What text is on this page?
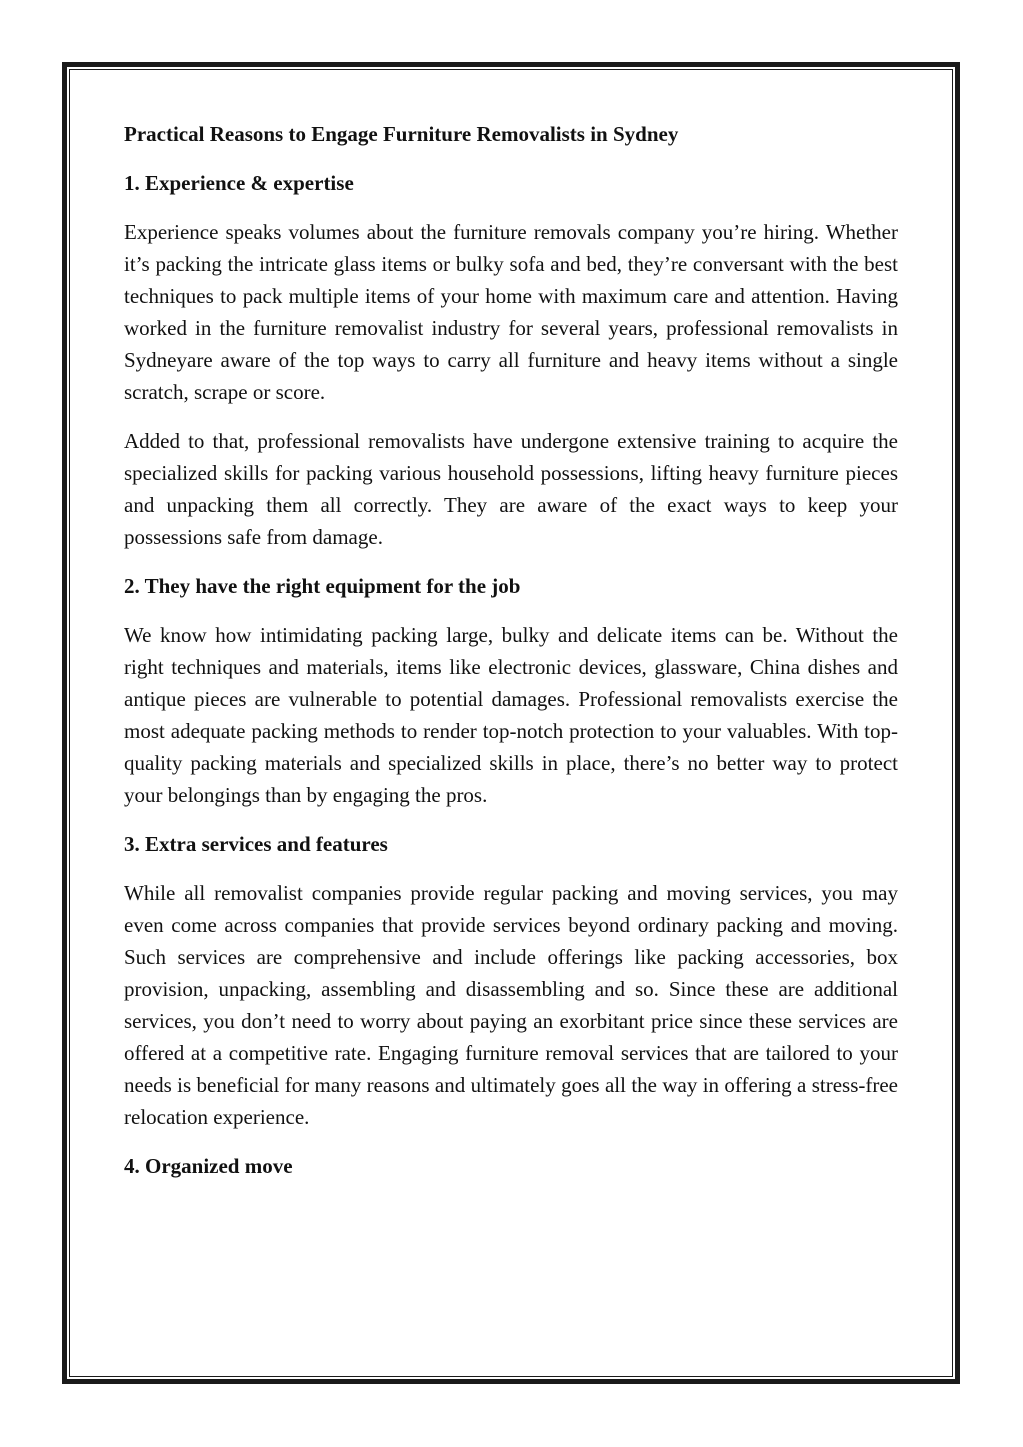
Practical Reasons to Engage Furniture Removalists in Sydney
1. Experience & expertise

Experience speaks volumes about the furniture removals company you’re hiring. Whether it’s packing the intricate glass items or bulky sofa and bed, they’re conversant with the best techniques to pack multiple items of your home with maximum care and attention. Having worked in the furniture removalist industry for several years, professional removalists in Sydneyare aware of the top ways to carry all furniture and heavy items without a single scratch, scrape or score.

Added to that, professional removalists have undergone extensive training to acquire the specialized skills for packing various household possessions, lifting heavy furniture pieces and unpacking them all correctly. They are aware of the exact ways to keep your possessions safe from damage.

2. They have the right equipment for the job

We know how intimidating packing large, bulky and delicate items can be. Without the right techniques and materials, items like electronic devices, glassware, China dishes and antique pieces are vulnerable to potential damages. Professional removalists exercise the most adequate packing methods to render top-notch protection to your valuables. With top-quality packing materials and specialized skills in place, there’s no better way to protect your belongings than by engaging the pros.

3. Extra services and features

While all removalist companies provide regular packing and moving services, you may even come across companies that provide services beyond ordinary packing and moving. Such services are comprehensive and include offerings like packing accessories, box provision, unpacking, assembling and disassembling and so. Since these are additional services, you don’t need to worry about paying an exorbitant price since these services are offered at a competitive rate. Engaging furniture removal services that are tailored to your needs is beneficial for many reasons and ultimately goes all the way in offering a stress-free relocation experience.

4. Organized move
